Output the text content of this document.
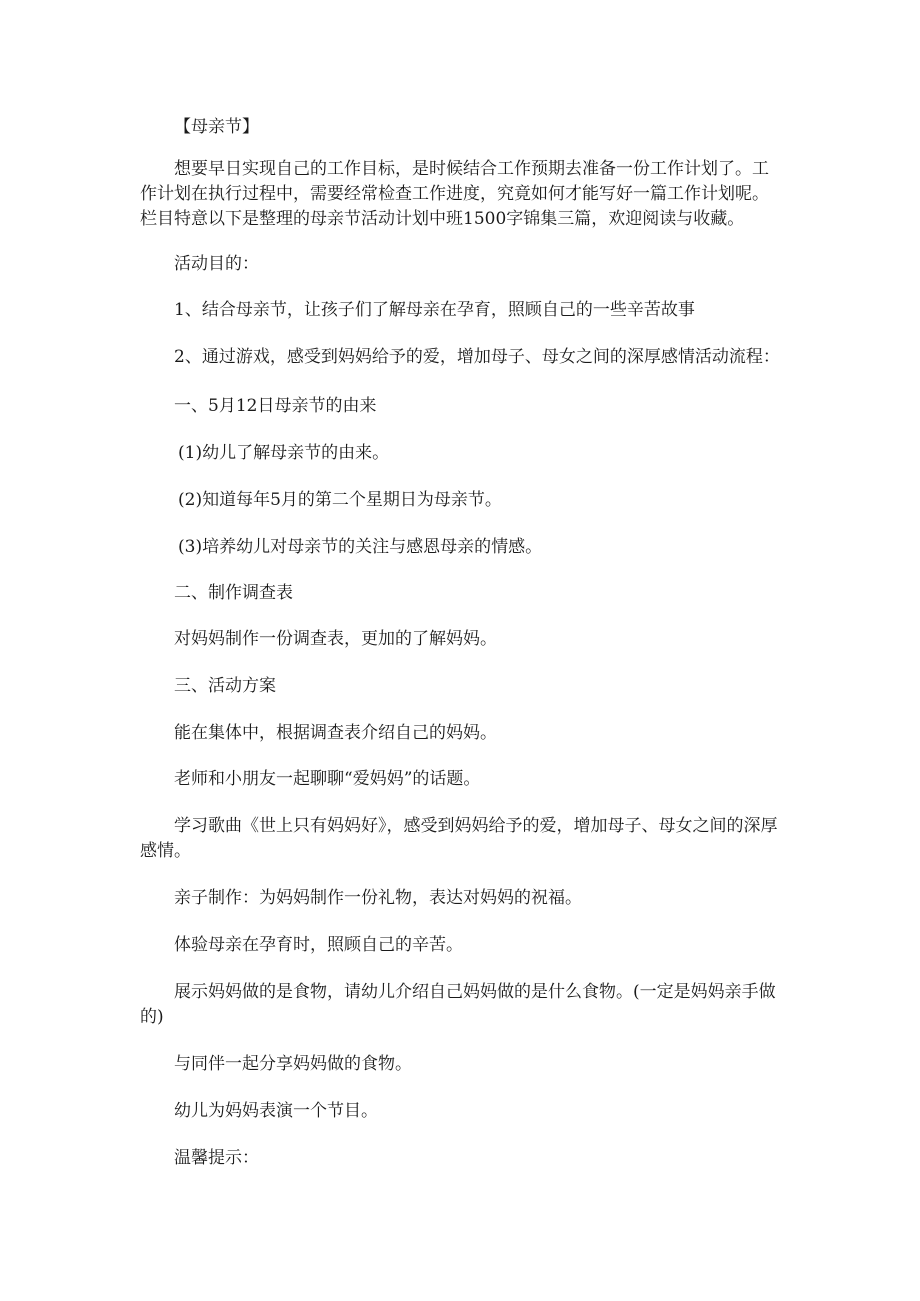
【母亲节】

想要早日实现自己的工作目标，是时候结合工作预期去准备一份工作计划了。工作计划在执行过程中，需要经常检查工作进度，究竟如何才能写好一篇工作计划呢。栏目特意以下是整理的母亲节活动计划中班1500字锦集三篇，欢迎阅读与收藏。

活动目的：

1、结合母亲节，让孩子们了解母亲在孕育，照顾自己的一些辛苦故事

2、通过游戏，感受到妈妈给予的爱，增加母子、母女之间的深厚感情活动流程：

一、5月12日母亲节的由来

(1)幼儿了解母亲节的由来。

(2)知道每年5月的第二个星期日为母亲节。

(3)培养幼儿对母亲节的关注与感恩母亲的情感。

二、制作调查表

对妈妈制作一份调查表，更加的了解妈妈。

三、活动方案

能在集体中，根据调查表介绍自己的妈妈。

老师和小朋友一起聊聊“爱妈妈”的话题。

学习歌曲《世上只有妈妈好》，感受到妈妈给予的爱，增加母子、母女之间的深厚感情。

亲子制作：为妈妈制作一份礼物，表达对妈妈的祝福。

体验母亲在孕育时，照顾自己的辛苦。

展示妈妈做的是食物，请幼儿介绍自己妈妈做的是什么食物。(一定是妈妈亲手做的)

与同伴一起分享妈妈做的食物。

幼儿为妈妈表演一个节目。

温馨提示：
